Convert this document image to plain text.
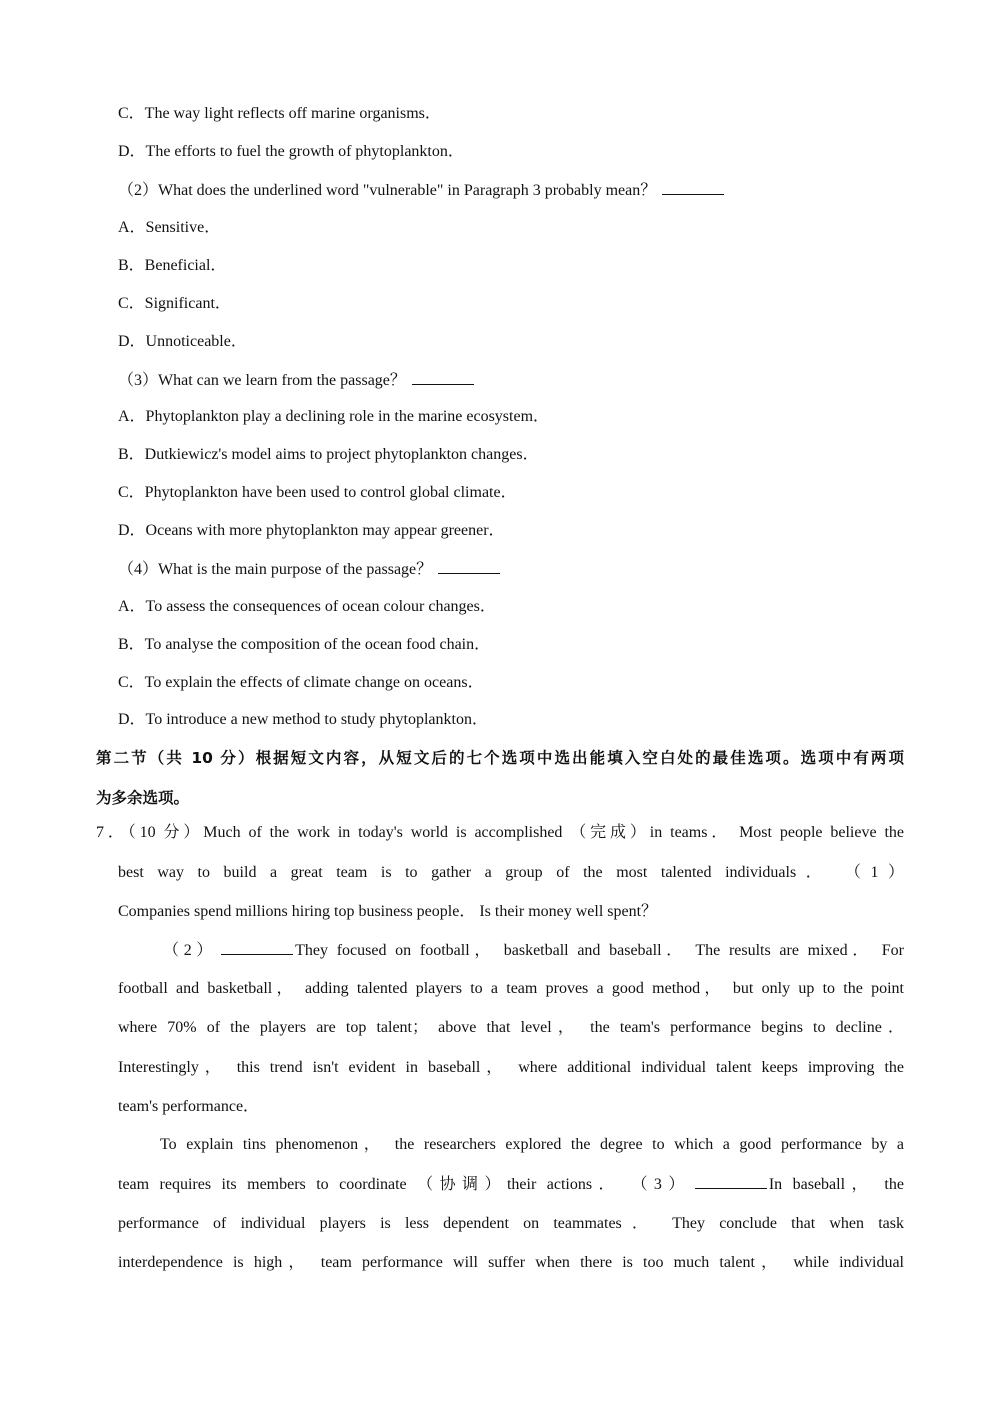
C．The way light reflects off marine organisms．
D．The efforts to fuel the growth of phytoplankton．
（2）What does the underlined word "vulnerable" in Paragraph 3 probably mean？
A．Sensitive．
B．Beneficial．
C．Significant．
D．Unnoticeable．
（3）What can we learn from the passage？
A．Phytoplankton play a declining role in the marine ecosystem．
B．Dutkiewicz's model aims to project phytoplankton changes．
C．Phytoplankton have been used to control global climate．
D．Oceans with more phytoplankton may appear greener．
（4）What is the main purpose of the passage？
A．To assess the consequences of ocean colour changes．
B．To analyse the composition of the ocean food chain．
C．To explain the effects of climate change on oceans．
D．To introduce a new method to study phytoplankton．
第二节（共 10 分）根据短文内容，从短文后的七个选项中选出能填入空白处的最佳选项。选项中有两项
为多余选项。
7．（10 分）Much of the work in today's world is accomplished （完成）in teams． Most people believe the
best way to build a great team is to gather a group of the most talented individuals． （1）
Companies spend millions hiring top business people． Is their money well spent？
（2）	They focused on football， basketball and baseball． The results are mixed． For
football and basketball， adding talented players to a team proves a good method， but only up to the point
where 70% of the players are top talent； above that level， the team's performance begins to decline．
Interestingly， this trend isn't evident in baseball， where additional individual talent keeps improving the
team's performance．
To explain tins phenomenon， the researchers explored the degree to which a good performance by a
team requires its members to coordinate （协调）their actions． （3）	In baseball， the
performance of individual players is less dependent on teammates． They conclude that when task
interdependence is high， team performance will suffer when there is too much talent， while individual
